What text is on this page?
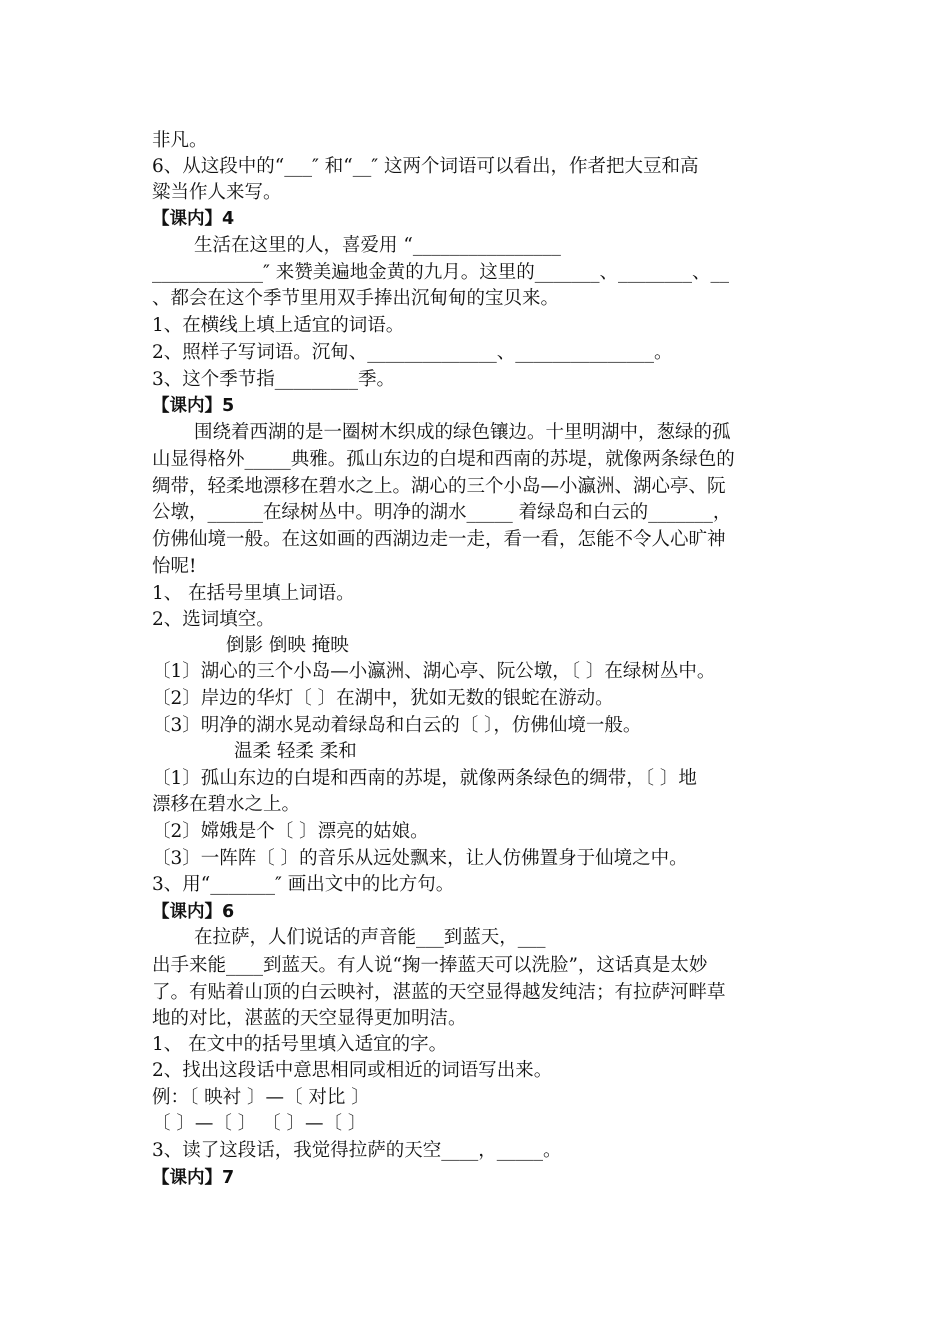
非凡。
6、从这段中的“___″ 和“__″ 这两个词语可以看出，作者把大豆和高
粱当作人来写。
【课内】4
生活在这里的人，喜爱用 “________________
____________″ 来赞美遍地金黄的九月。这里的_______、________、__
、都会在这个季节里用双手捧出沉甸甸的宝贝来。
1、在横线上填上适宜的词语。
2、照样子写词语。沉甸、______________、_______________。
3、这个季节指_________季。
【课内】5
围绕着西湖的是一圈树木织成的绿色镶边。十里明湖中，葱绿的孤
山显得格外_____典雅。孤山东边的白堤和西南的苏堤，就像两条绿色的
绸带，轻柔地漂移在碧水之上。湖心的三个小岛—小瀛洲、湖心亭、阮
公墩，______在绿树丛中。明净的湖水_____ 着绿岛和白云的_______，
仿佛仙境一般。在这如画的西湖边走一走，看一看，怎能不令人心旷神
怡呢!
1、 在括号里填上词语。
2、选词填空。
倒影 倒映 掩映
〔1〕湖心的三个小岛—小瀛洲、湖心亭、阮公墩，〔 〕在绿树丛中。
〔2〕岸边的华灯〔 〕在湖中，犹如无数的银蛇在游动。
〔3〕明净的湖水晃动着绿岛和白云的〔 〕，仿佛仙境一般。
温柔 轻柔 柔和
〔1〕孤山东边的白堤和西南的苏堤，就像两条绿色的绸带，〔 〕地
漂移在碧水之上。
〔2〕嫦娥是个〔 〕漂亮的姑娘。
〔3〕一阵阵〔 〕的音乐从远处飘来，让人仿佛置身于仙境之中。
3、用“_______″ 画出文中的比方句。
【课内】6
在拉萨，人们说话的声音能___到蓝天，___
出手来能____到蓝天。有人说“掬一捧蓝天可以洗脸”，这话真是太妙
了。有贴着山顶的白云映衬，湛蓝的天空显得越发纯洁；有拉萨河畔草
地的对比，湛蓝的天空显得更加明洁。
1、 在文中的括号里填入适宜的字。
2、找出这段话中意思相同或相近的词语写出来。
例：〔 映衬 〕—〔 对比 〕
〔 〕—〔 〕 〔 〕—〔 〕
3、读了这段话，我觉得拉萨的天空____，_____。
【课内】7
